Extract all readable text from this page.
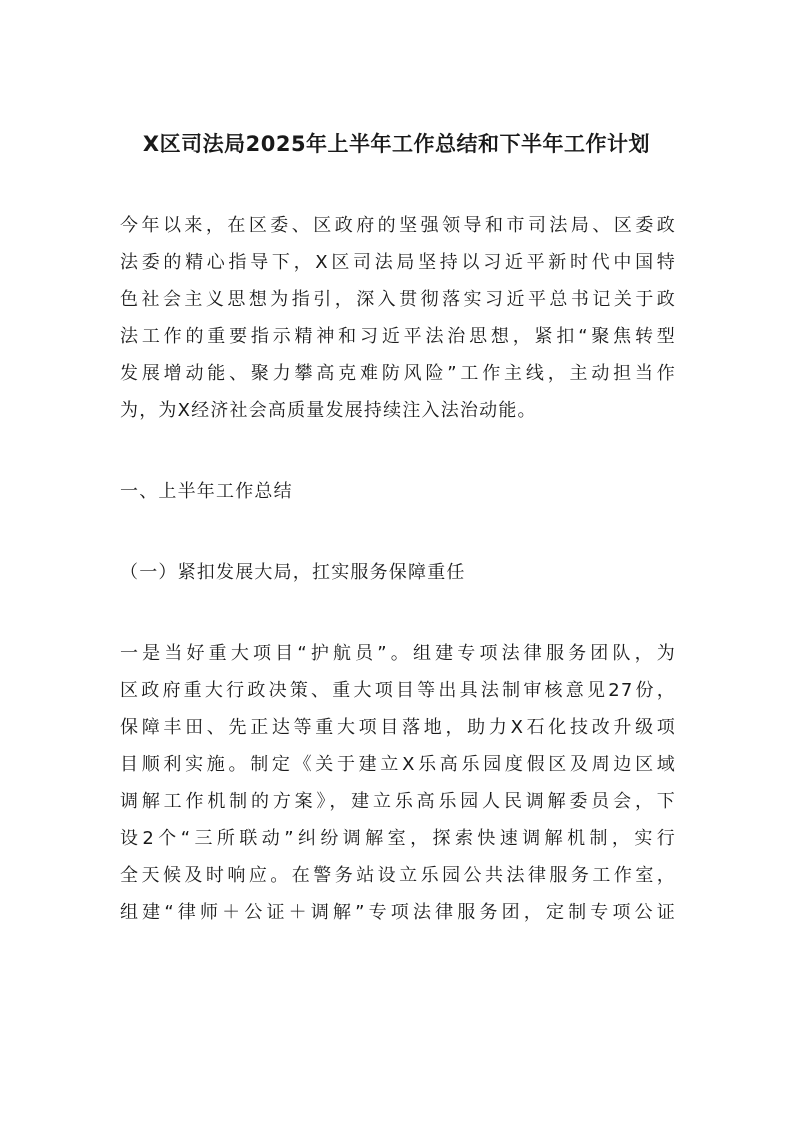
X区司法局2025年上半年工作总结和下半年工作计划
今年以来，在区委、区政府的坚强领导和市司法局、区委政
法委的精心指导下，X区司法局坚持以习近平新时代中国特
色社会主义思想为指引，深入贯彻落实习近平总书记关于政
法工作的重要指示精神和习近平法治思想，紧扣“聚焦转型
发展增动能、聚力攀高克难防风险”工作主线，主动担当作
为，为X经济社会高质量发展持续注入法治动能。
一、上半年工作总结
（一）紧扣发展大局，扛实服务保障重任
一是当好重大项目“护航员”。组建专项法律服务团队，为
区政府重大行政决策、重大项目等出具法制审核意见27份，
保障丰田、先正达等重大项目落地，助力X石化技改升级项
目顺利实施。制定《关于建立X乐高乐园度假区及周边区域
调解工作机制的方案》，建立乐高乐园人民调解委员会，下
设2个“三所联动”纠纷调解室，探索快速调解机制，实行
全天候及时响应。在警务站设立乐园公共法律服务工作室，
组建“律师＋公证＋调解”专项法律服务团，定制专项公证
